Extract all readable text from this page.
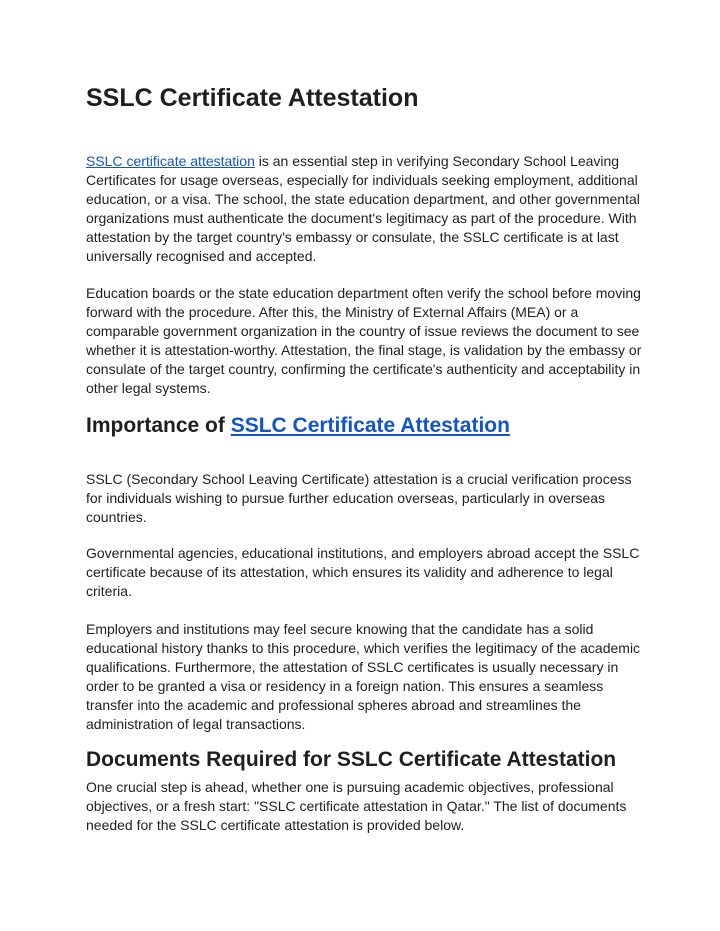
SSLC Certificate Attestation

SSLC certificate attestation is an essential step in verifying Secondary School Leaving Certificates for usage overseas, especially for individuals seeking employment, additional education, or a visa. The school, the state education department, and other governmental organizations must authenticate the document's legitimacy as part of the procedure. With attestation by the target country's embassy or consulate, the SSLC certificate is at last universally recognised and accepted.

Education boards or the state education department often verify the school before moving forward with the procedure. After this, the Ministry of External Affairs (MEA) or a comparable government organization in the country of issue reviews the document to see whether it is attestation-worthy. Attestation, the final stage, is validation by the embassy or consulate of the target country, confirming the certificate's authenticity and acceptability in other legal systems.

Importance of SSLC Certificate Attestation

SSLC (Secondary School Leaving Certificate) attestation is a crucial verification process for individuals wishing to pursue further education overseas, particularly in overseas countries.

Governmental agencies, educational institutions, and employers abroad accept the SSLC certificate because of its attestation, which ensures its validity and adherence to legal criteria.

Employers and institutions may feel secure knowing that the candidate has a solid educational history thanks to this procedure, which verifies the legitimacy of the academic qualifications. Furthermore, the attestation of SSLC certificates is usually necessary in order to be granted a visa or residency in a foreign nation. This ensures a seamless transfer into the academic and professional spheres abroad and streamlines the administration of legal transactions.

Documents Required for SSLC Certificate Attestation

One crucial step is ahead, whether one is pursuing academic objectives, professional objectives, or a fresh start: "SSLC certificate attestation in Qatar." The list of documents needed for the SSLC certificate attestation is provided below.
